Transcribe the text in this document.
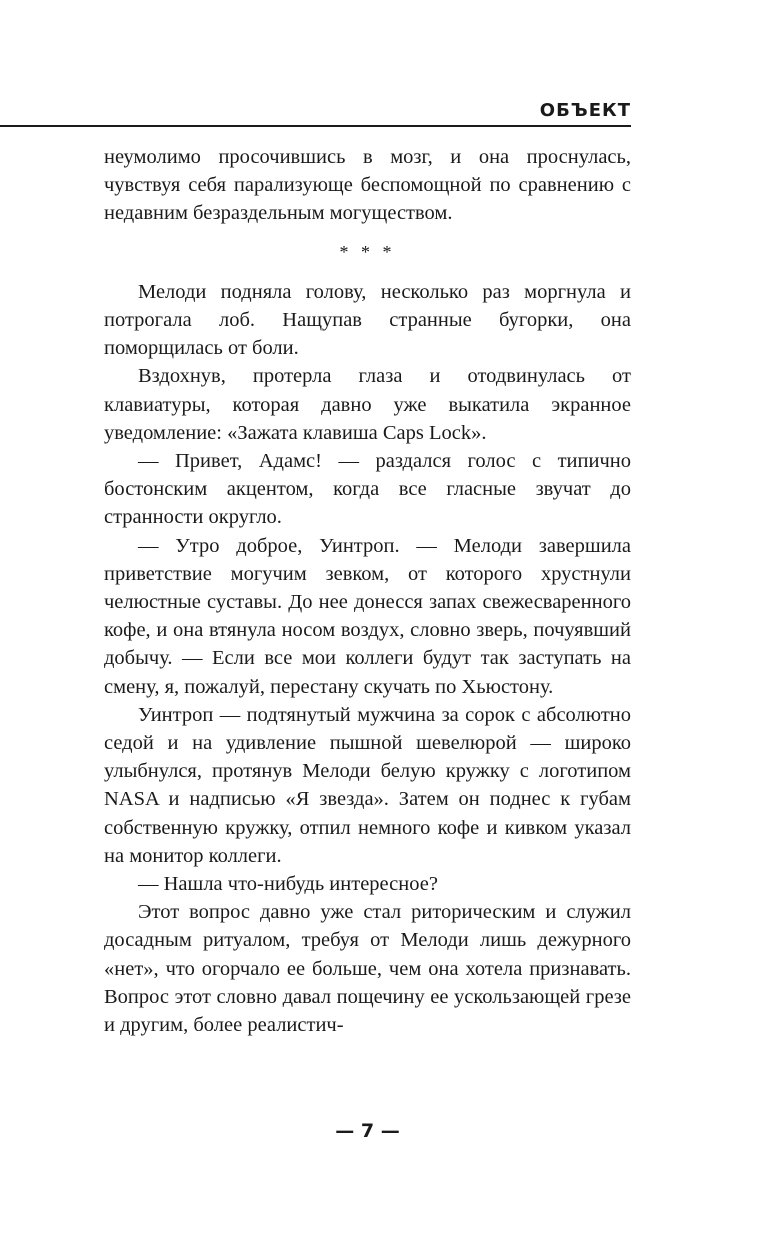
ОБЪЕКТ

неумолимо просочившись в мозг, и она проснулась, чувствуя себя парализующе беспомощной по сравнению с недавним безраздельным могуществом.

* * *

Мелоди подняла голову, несколько раз моргнула и потрогала лоб. Нащупав странные бугорки, она поморщилась от боли.

Вздохнув, протерла глаза и отодвинулась от клавиатуры, которая давно уже выкатила экранное уведомление: «Зажата клавиша Caps Lock».

— Привет, Адамс! — раздался голос с типично бостонским акцентом, когда все гласные звучат до странности округло.

— Утро доброе, Уинтроп. — Мелоди завершила приветствие могучим зевком, от которого хрустнули челюстные суставы. До нее донесся запах свежесваренного кофе, и она втянула носом воздух, словно зверь, почуявший добычу. — Если все мои коллеги будут так заступать на смену, я, пожалуй, перестану скучать по Хьюстону.

Уинтроп — подтянутый мужчина за сорок с абсолютно седой и на удивление пышной шевелюрой — широко улыбнулся, протянув Мелоди белую кружку с логотипом NASA и надписью «Я звезда». Затем он поднес к губам собственную кружку, отпил немного кофе и кивком указал на монитор коллеги.

— Нашла что-нибудь интересное?

Этот вопрос давно уже стал риторическим и служил досадным ритуалом, требуя от Мелоди лишь дежурного «нет», что огорчало ее больше, чем она хотела признавать. Вопрос этот словно давал пощечину ее ускользающей грезе и другим, более реалистич-

— 7 —
